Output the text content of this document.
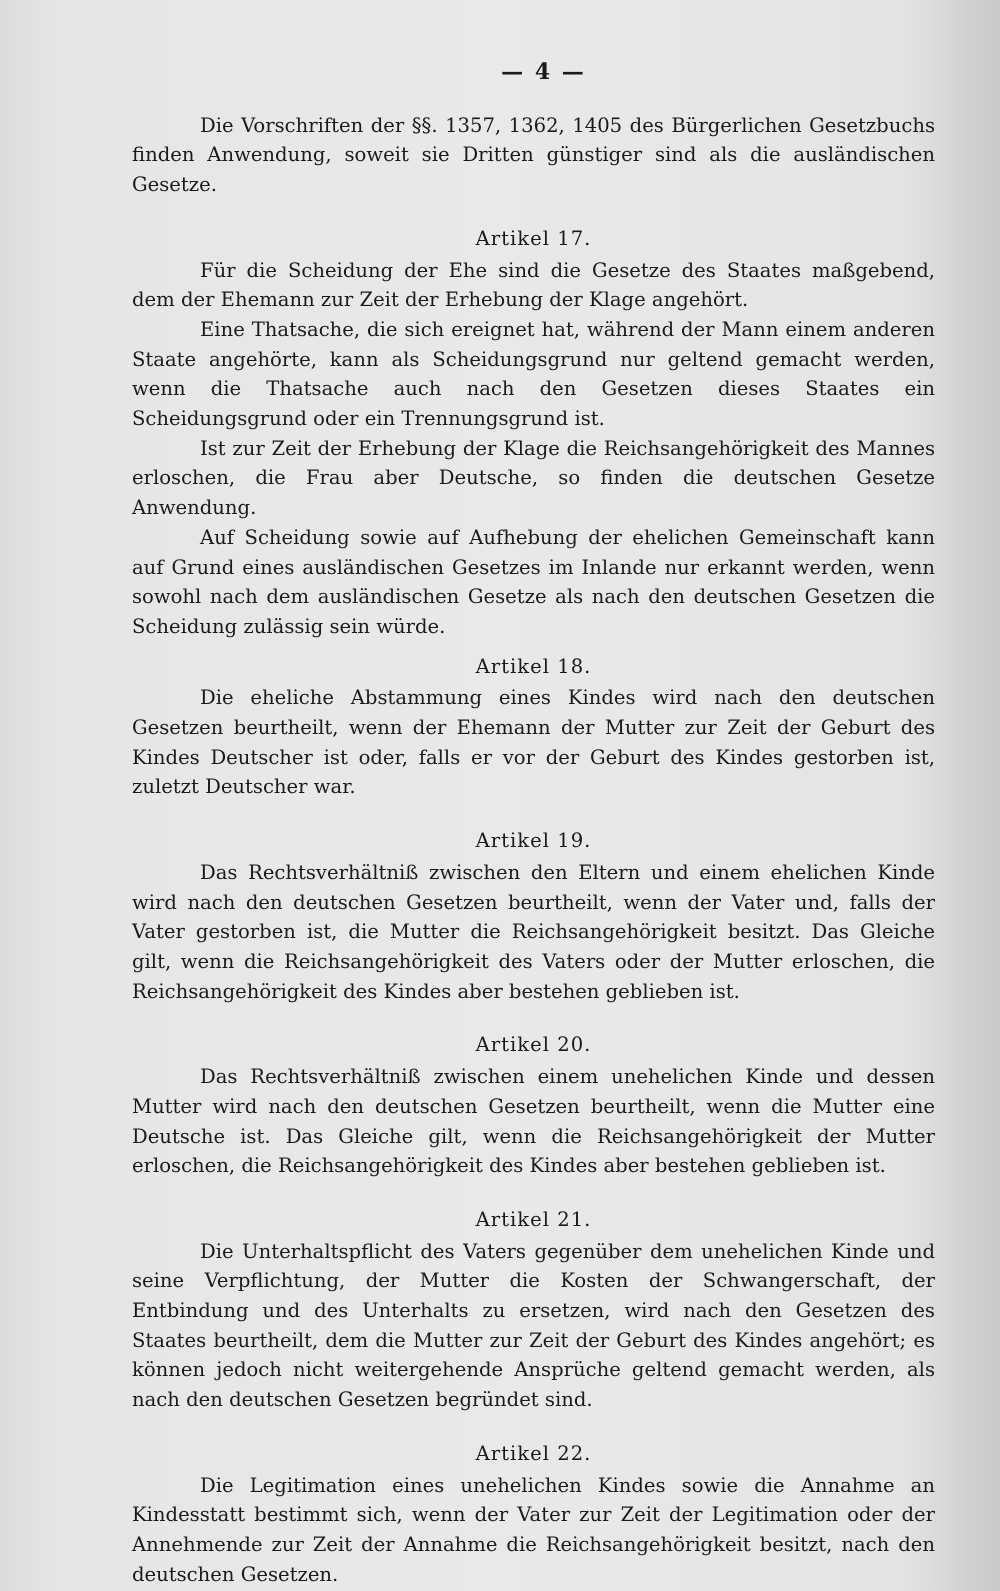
— 4 —

Die Vorschriften der §§. 1357, 1362, 1405 des Bürgerlichen Gesetzbuchs finden Anwendung, soweit sie Dritten günstiger sind als die ausländischen Gesetze.

Artikel 17.

Für die Scheidung der Ehe sind die Gesetze des Staates maßgebend, dem der Ehemann zur Zeit der Erhebung der Klage angehört.

Eine Thatsache, die sich ereignet hat, während der Mann einem anderen Staate angehörte, kann als Scheidungsgrund nur geltend gemacht werden, wenn die Thatsache auch nach den Gesetzen dieses Staates ein Scheidungsgrund oder ein Trennungsgrund ist.

Ist zur Zeit der Erhebung der Klage die Reichsangehörigkeit des Mannes erloschen, die Frau aber Deutsche, so finden die deutschen Gesetze Anwendung.

Auf Scheidung sowie auf Aufhebung der ehelichen Gemeinschaft kann auf Grund eines ausländischen Gesetzes im Inlande nur erkannt werden, wenn sowohl nach dem ausländischen Gesetze als nach den deutschen Gesetzen die Scheidung zulässig sein würde.

Artikel 18.

Die eheliche Abstammung eines Kindes wird nach den deutschen Gesetzen beurtheilt, wenn der Ehemann der Mutter zur Zeit der Geburt des Kindes Deutscher ist oder, falls er vor der Geburt des Kindes gestorben ist, zuletzt Deutscher war.

Artikel 19.

Das Rechtsverhältniß zwischen den Eltern und einem ehelichen Kinde wird nach den deutschen Gesetzen beurtheilt, wenn der Vater und, falls der Vater gestorben ist, die Mutter die Reichsangehörigkeit besitzt. Das Gleiche gilt, wenn die Reichsangehörigkeit des Vaters oder der Mutter erloschen, die Reichsangehörigkeit des Kindes aber bestehen geblieben ist.

Artikel 20.

Das Rechtsverhältniß zwischen einem unehelichen Kinde und dessen Mutter wird nach den deutschen Gesetzen beurtheilt, wenn die Mutter eine Deutsche ist. Das Gleiche gilt, wenn die Reichsangehörigkeit der Mutter erloschen, die Reichsangehörigkeit des Kindes aber bestehen geblieben ist.

Artikel 21.

Die Unterhaltspflicht des Vaters gegenüber dem unehelichen Kinde und seine Verpflichtung, der Mutter die Kosten der Schwangerschaft, der Entbindung und des Unterhalts zu ersetzen, wird nach den Gesetzen des Staates beurtheilt, dem die Mutter zur Zeit der Geburt des Kindes angehört; es können jedoch nicht weitergehende Ansprüche geltend gemacht werden, als nach den deutschen Gesetzen begründet sind.

Artikel 22.

Die Legitimation eines unehelichen Kindes sowie die Annahme an Kindesstatt bestimmt sich, wenn der Vater zur Zeit der Legitimation oder der Annehmende zur Zeit der Annahme die Reichsangehörigkeit besitzt, nach den deutschen Gesetzen.
